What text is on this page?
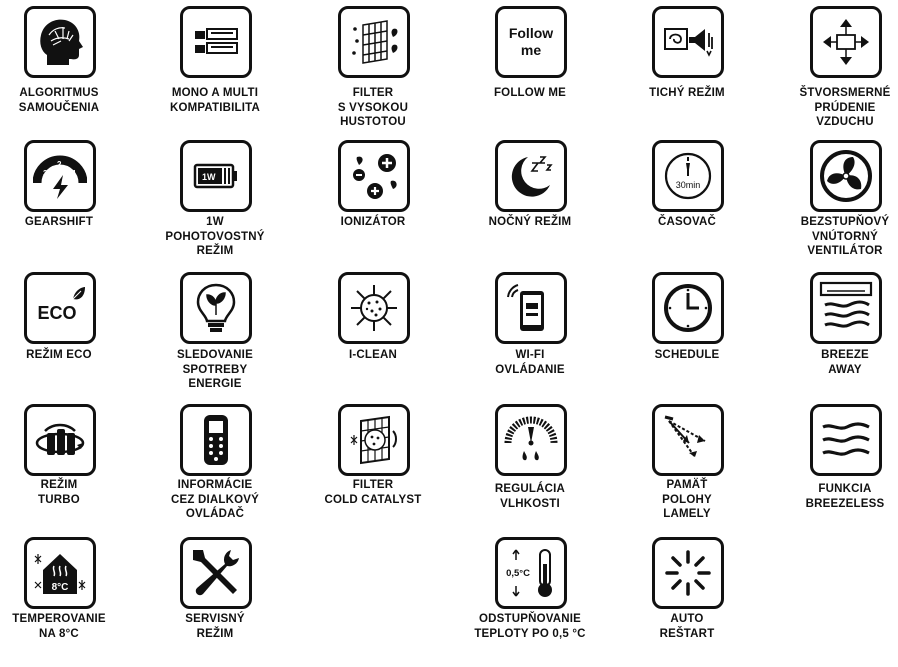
ALGORITMUS
SAMOUČENIA
MONO A MULTI
KOMPATIBILITA
FILTER
S VYSOKOU
HUSTOTOU
Follow
me
FOLLOW ME	TICHÝ REŽIM	ŠTVORSMERNÉ
PRÚDENIE
VZDUCHU
3
2
1
GEARSHIFT
1W
1W
POHOTOVOSTNÝ
REŽIM
IONIZÁTOR	NOČNÝ REŽIM
30min
ČASOVAČ	BEZSTUPŇOVÝ
VNÚTORNÝ
VENTILÁTOR
ECO
REŽIM ECO	SLEDOVANIE
SPOTREBY
ENERGIE
I-CLEAN	WI-FI
OVLÁDANIE
SCHEDULE	BREEZE
AWAY
REŽIM
TURBO
INFORMÁCIE
CEZ DIALKOVÝ
OVLÁDAČ
FILTER
COLD CATALYST
REGULÁCIA
VLHKOSTI
PAMÄŤ
POLOHY
LAMELY
FUNKCIA
BREEZELESS
8°C
TEMPEROVANIE
NA 8°C
SERVISNÝ
REŽIM
0,5°C
ODSTUPŇOVANIE
TEPLOTY PO 0,5 °C
AUTO
REŠTART
